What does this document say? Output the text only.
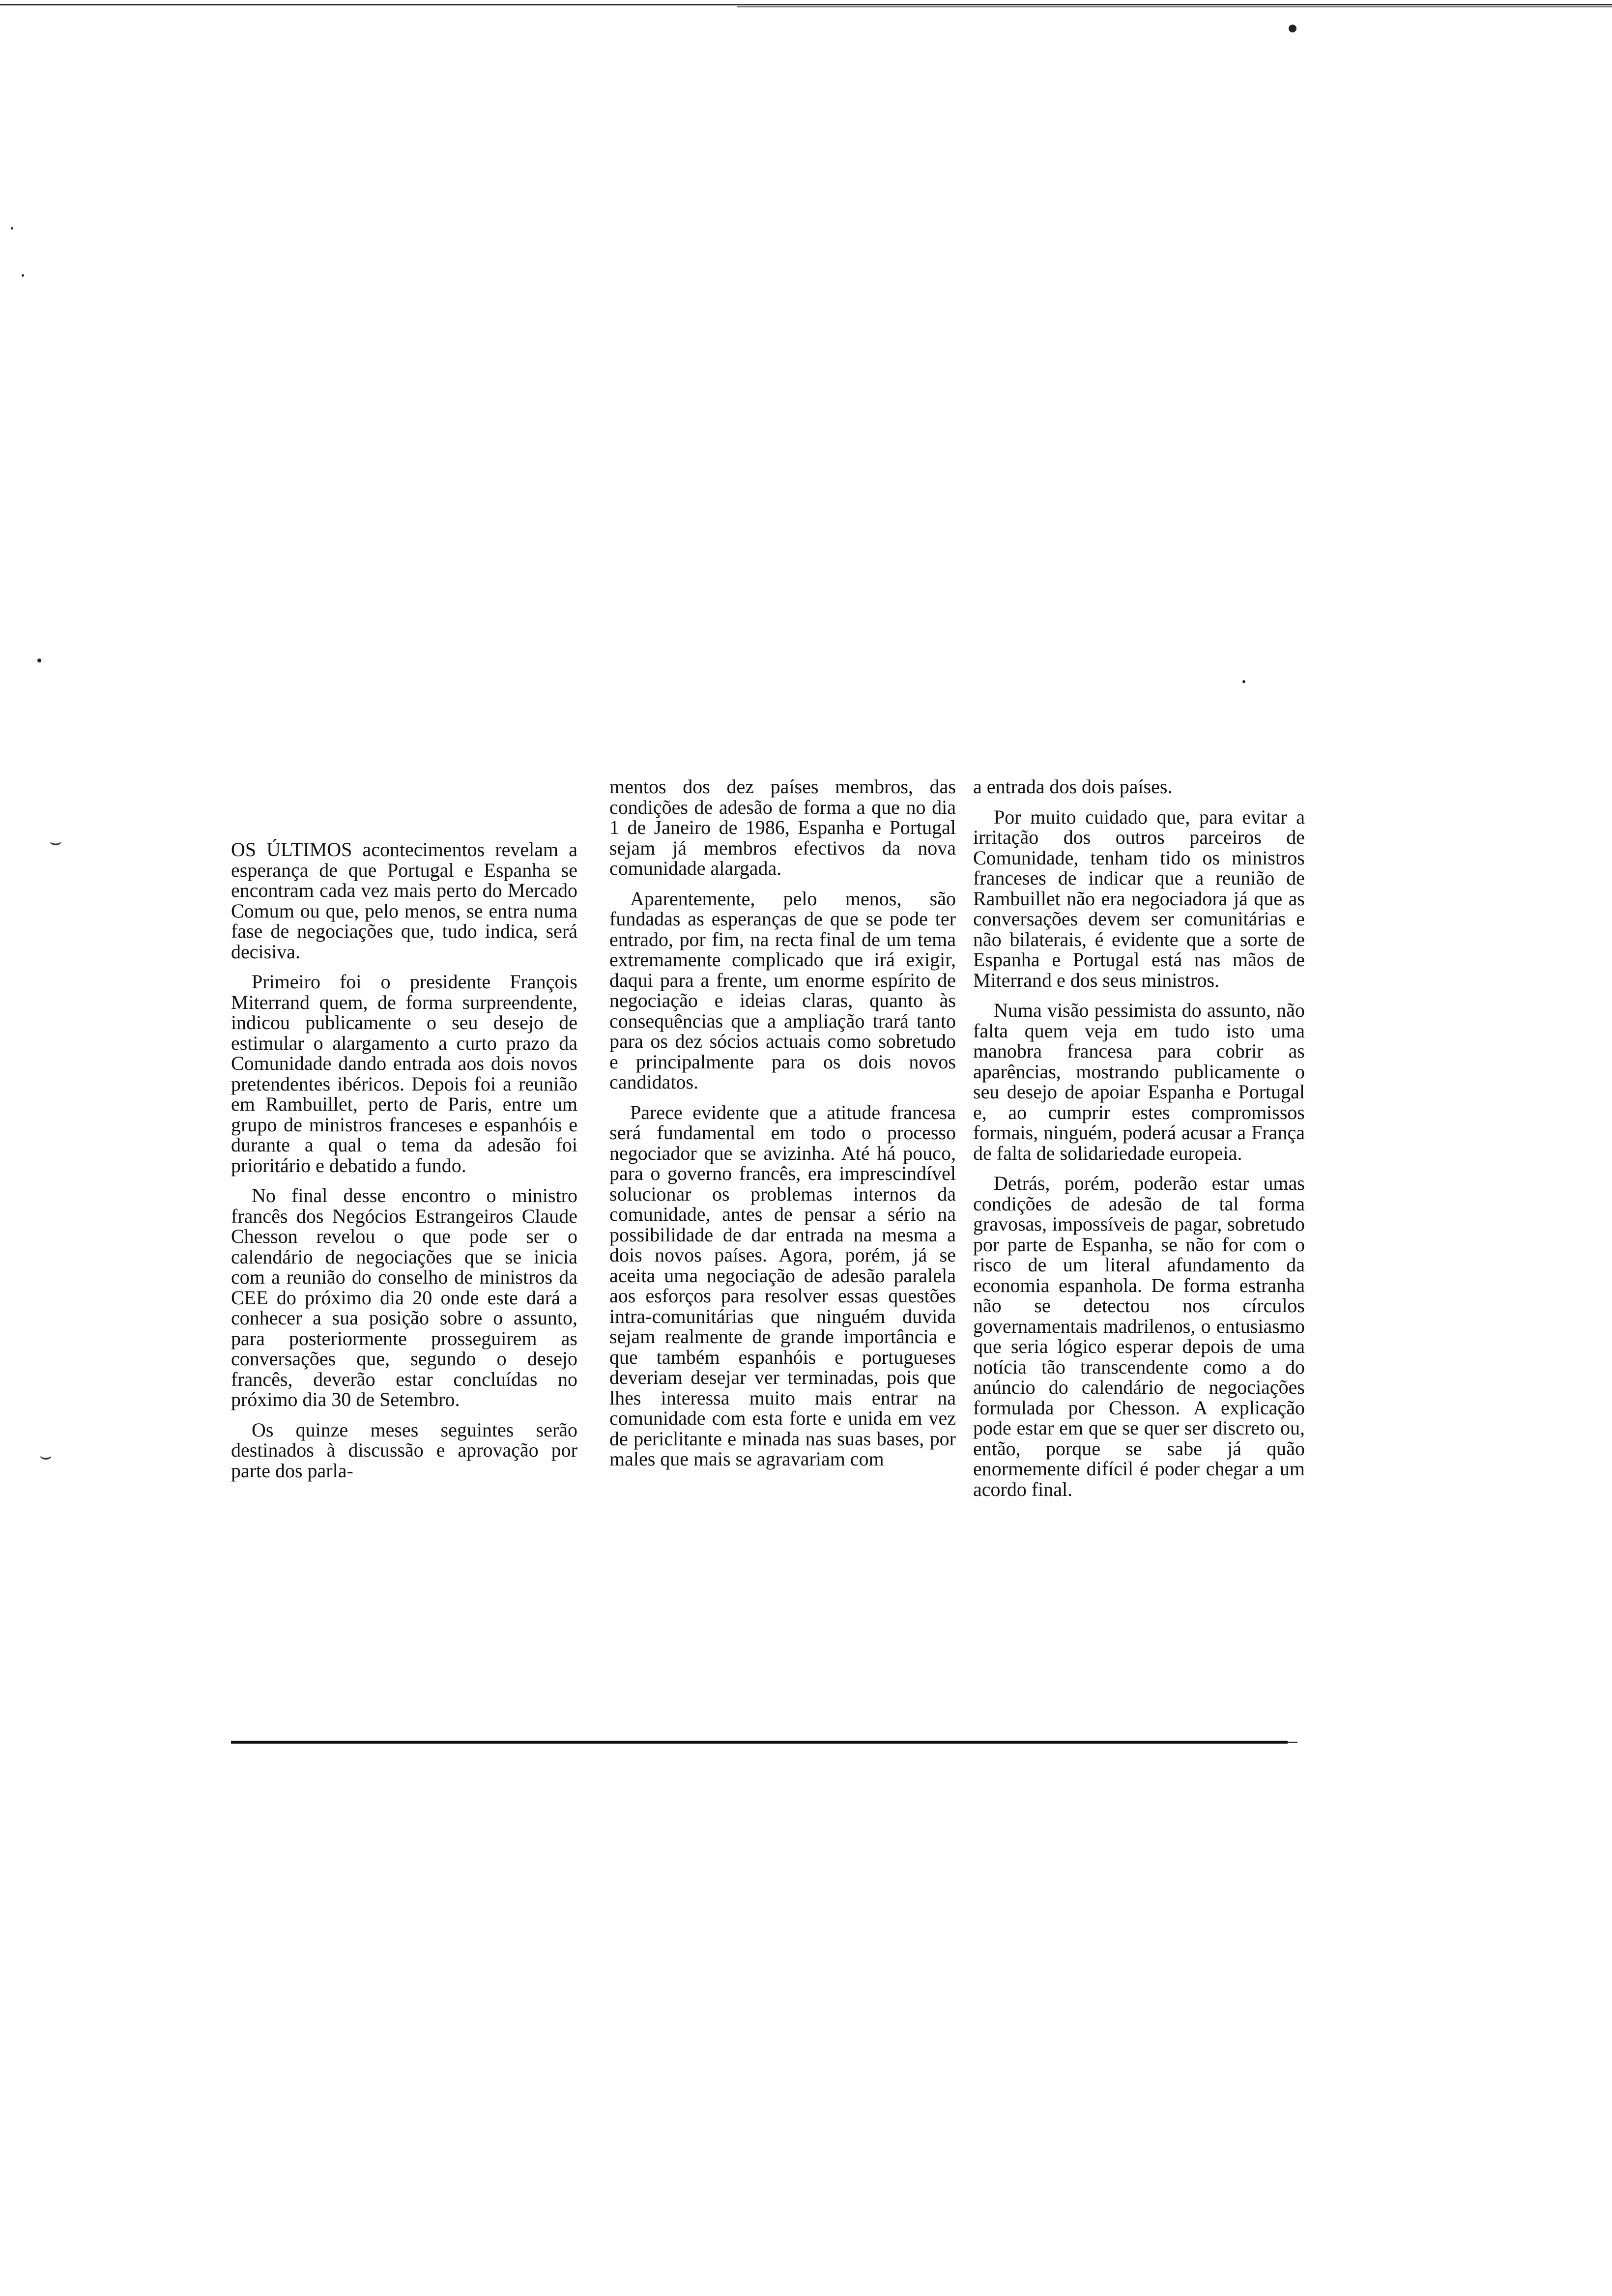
⌣
⌣

OS ÚLTIMOS acontecimentos revelam a esperança de que Portugal e Espanha se encontram cada vez mais perto do Mercado Comum ou que, pelo menos, se entra numa fase de negociações que, tudo indica, será decisiva.

Primeiro foi o presidente François Miterrand quem, de forma surpreendente, indicou publicamente o seu desejo de estimular o alargamento a curto prazo da Comunidade dando entrada aos dois novos pretendentes ibéricos. Depois foi a reunião em Rambuillet, perto de Paris, entre um grupo de ministros franceses e espanhóis e durante a qual o tema da adesão foi prioritário e debatido a fundo.

No final desse encontro o ministro francês dos Negócios Estrangeiros Claude Chesson revelou o que pode ser o calendário de negociações que se inicia com a reunião do conselho de ministros da CEE do próximo dia 20 onde este dará a conhecer a sua posição sobre o assunto, para posteriormente prosseguirem as conversações que, segundo o desejo francês, deverão estar concluídas no próximo dia 30 de Setembro.

Os quinze meses seguintes serão destinados à discussão e aprovação por parte dos parla-

mentos dos dez países membros, das condições de adesão de forma a que no dia 1 de Janeiro de 1986, Espanha e Portugal sejam já membros efectivos da nova comunidade alargada.

Aparentemente, pelo menos, são fundadas as esperanças de que se pode ter entrado, por fim, na recta final de um tema extremamente complicado que irá exigir, daqui para a frente, um enorme espírito de negociação e ideias claras, quanto às consequências que a ampliação trará tanto para os dez sócios actuais como sobretudo e principalmente para os dois novos candidatos.

Parece evidente que a atitude francesa será fundamental em todo o processo negociador que se avizinha. Até há pouco, para o governo francês, era imprescindível solucionar os problemas internos da comunidade, antes de pensar a sério na possibilidade de dar entrada na mesma a dois novos países. Agora, porém, já se aceita uma negociação de adesão paralela aos esforços para resolver essas questões intra-comunitárias que ninguém duvida sejam realmente de grande importância e que também espanhóis e portugueses deveriam desejar ver terminadas, pois que lhes interessa muito mais entrar na comunidade com esta forte e unida em vez de periclitante e minada nas suas bases, por males que mais se agravariam com

a entrada dos dois países.

Por muito cuidado que, para evitar a irritação dos outros parceiros de Comunidade, tenham tido os ministros franceses de indicar que a reunião de Rambuillet não era negociadora já que as conversações devem ser comunitárias e não bilaterais, é evidente que a sorte de Espanha e Portugal está nas mãos de Miterrand e dos seus ministros.

Numa visão pessimista do assunto, não falta quem veja em tudo isto uma manobra francesa para cobrir as aparências, mostrando publicamente o seu desejo de apoiar Espanha e Portugal e, ao cumprir estes compromissos formais, ninguém, poderá acusar a França de falta de solidariedade europeia.

Detrás, porém, poderão estar umas condições de adesão de tal forma gravosas, impossíveis de pagar, sobretudo por parte de Espanha, se não for com o risco de um literal afundamento da economia espanhola. De forma estranha não se detectou nos círculos governamentais madrilenos, o entusiasmo que seria lógico esperar depois de uma notícia tão transcendente como a do anúncio do calendário de negociações formulada por Chesson. A explicação pode estar em que se quer ser discreto ou, então, porque se sabe já quão enormemente difícil é poder chegar a um acordo final.
